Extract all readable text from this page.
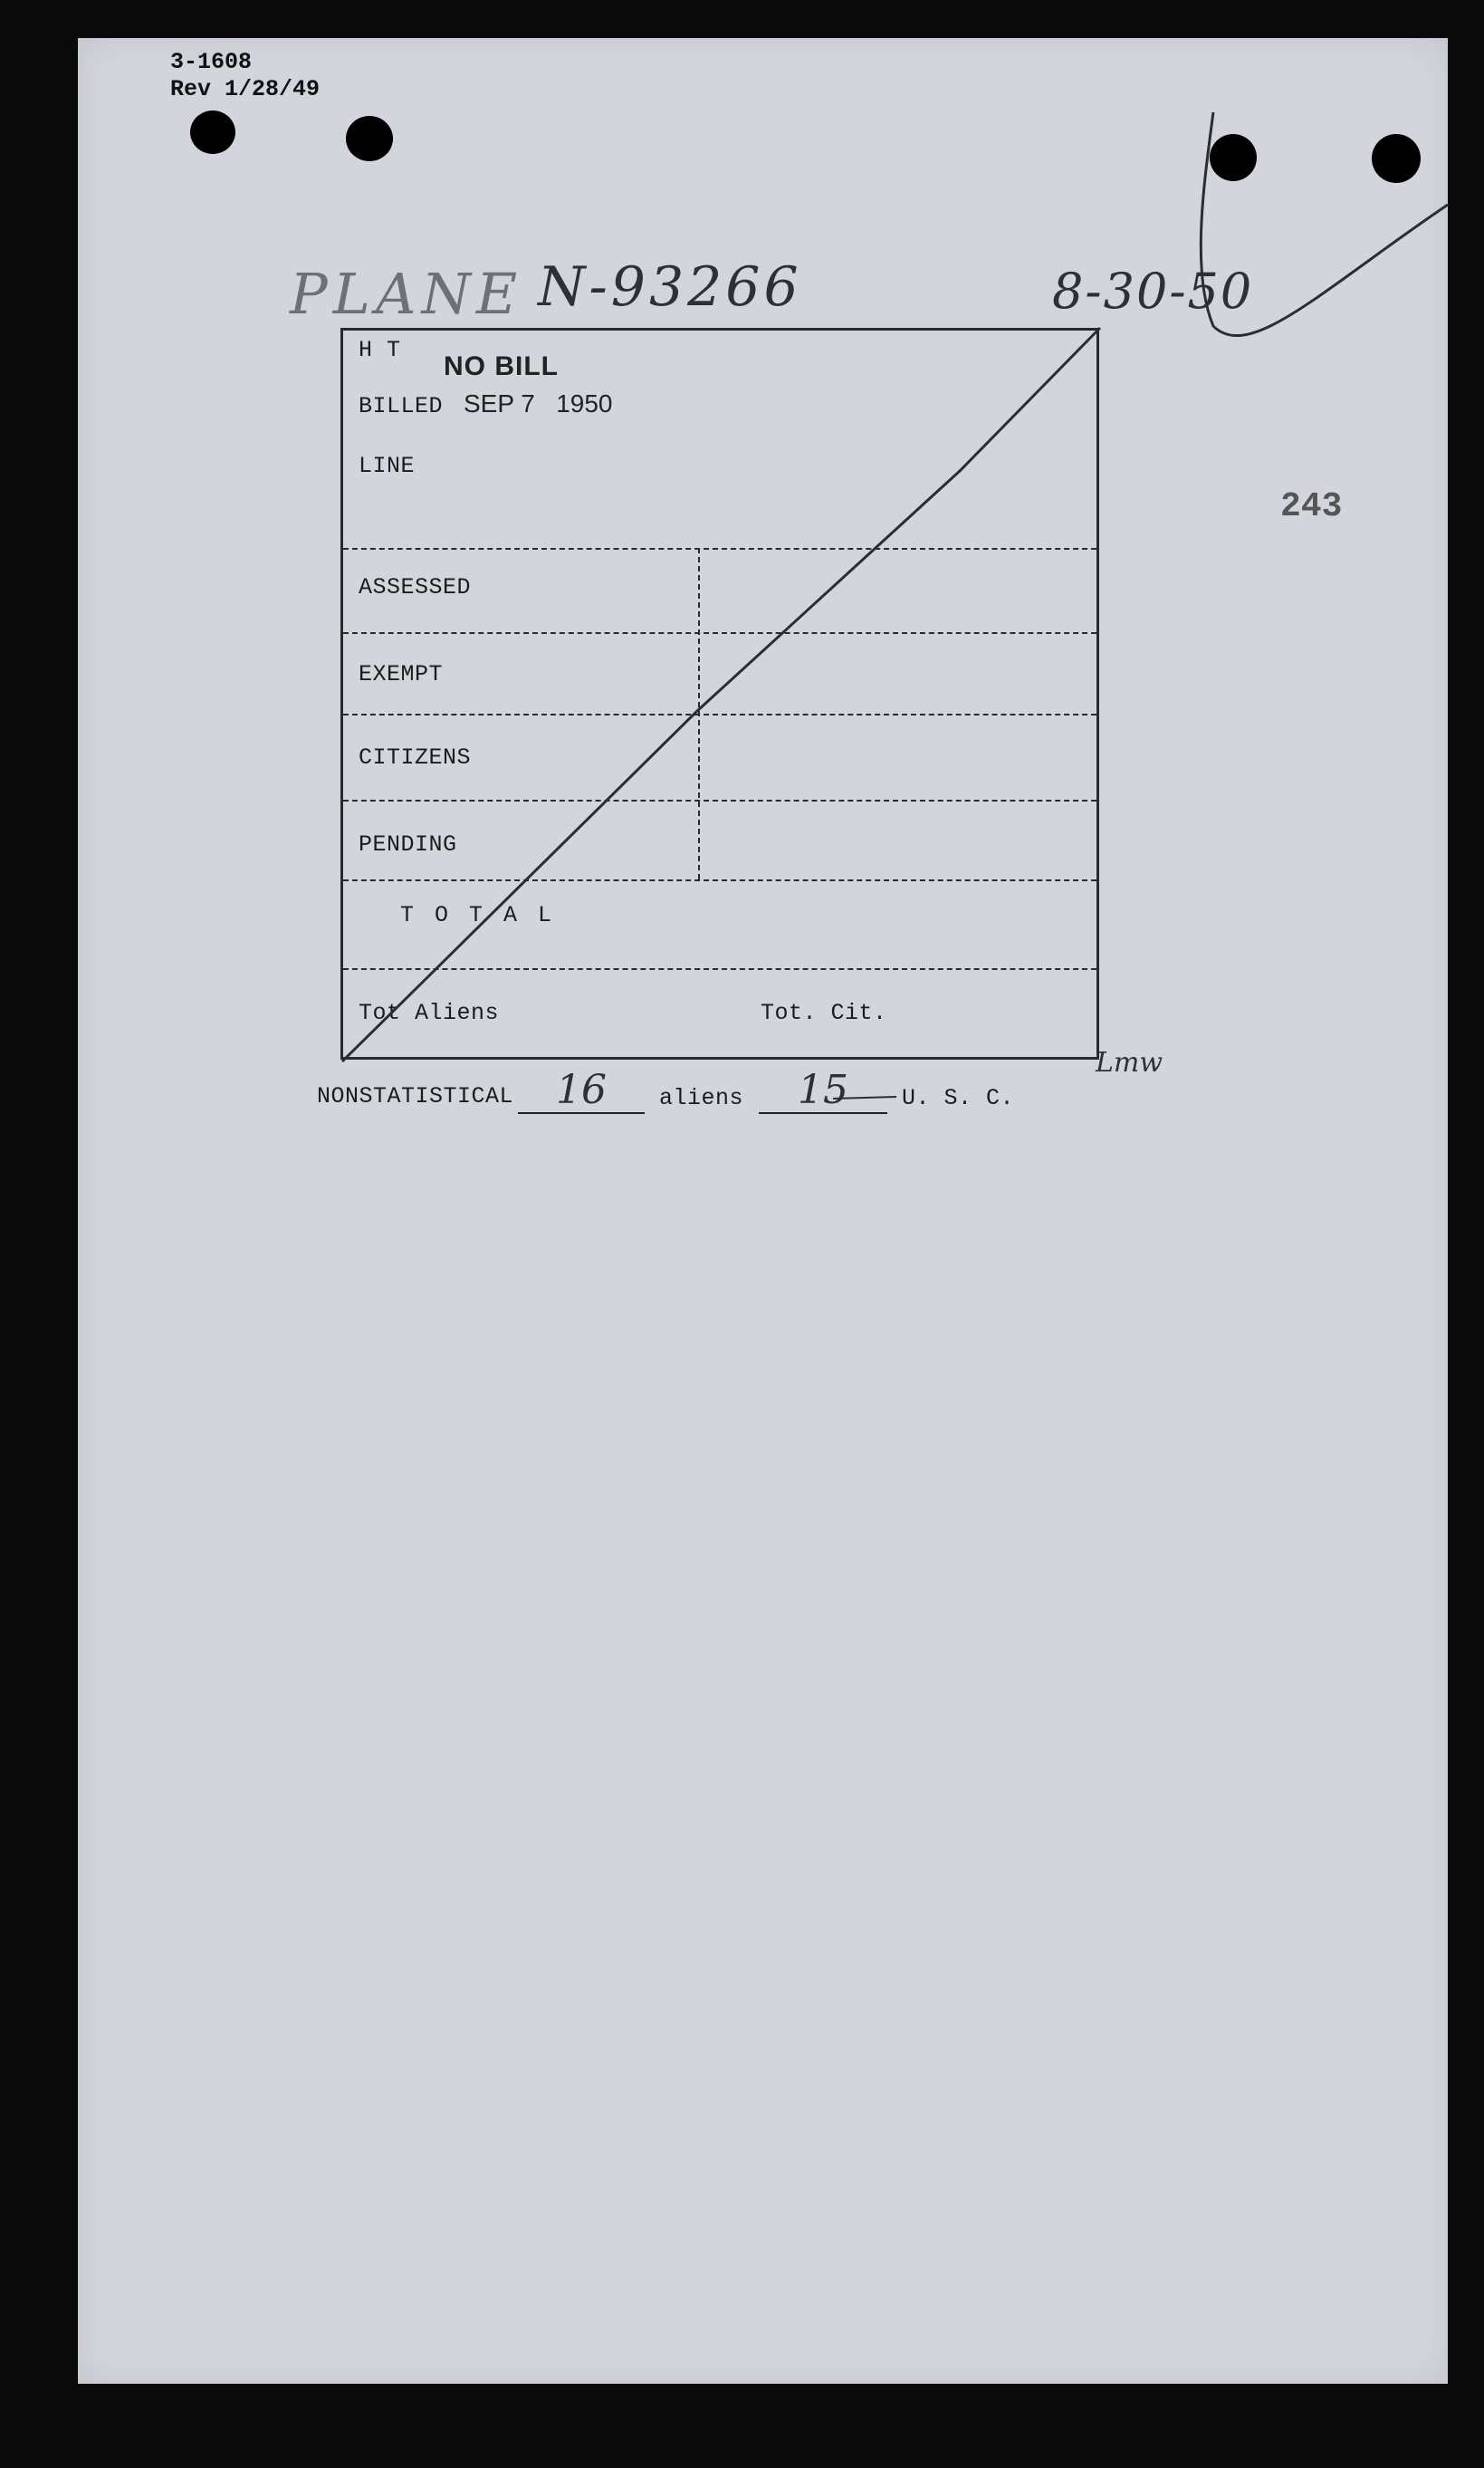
3-1608
Rev 1/28/49
PLANE N-93266	8-30-50
243
H T
NO BILL
BILLED SEP 7   1950
LINE
ASSESSED
EXEMPT
CITIZENS
PENDING
T O T A L
Tot Aliens	Tot. Cit.
Lmw
NONSTATISTICAL	16	aliens	15	U. S. C.
